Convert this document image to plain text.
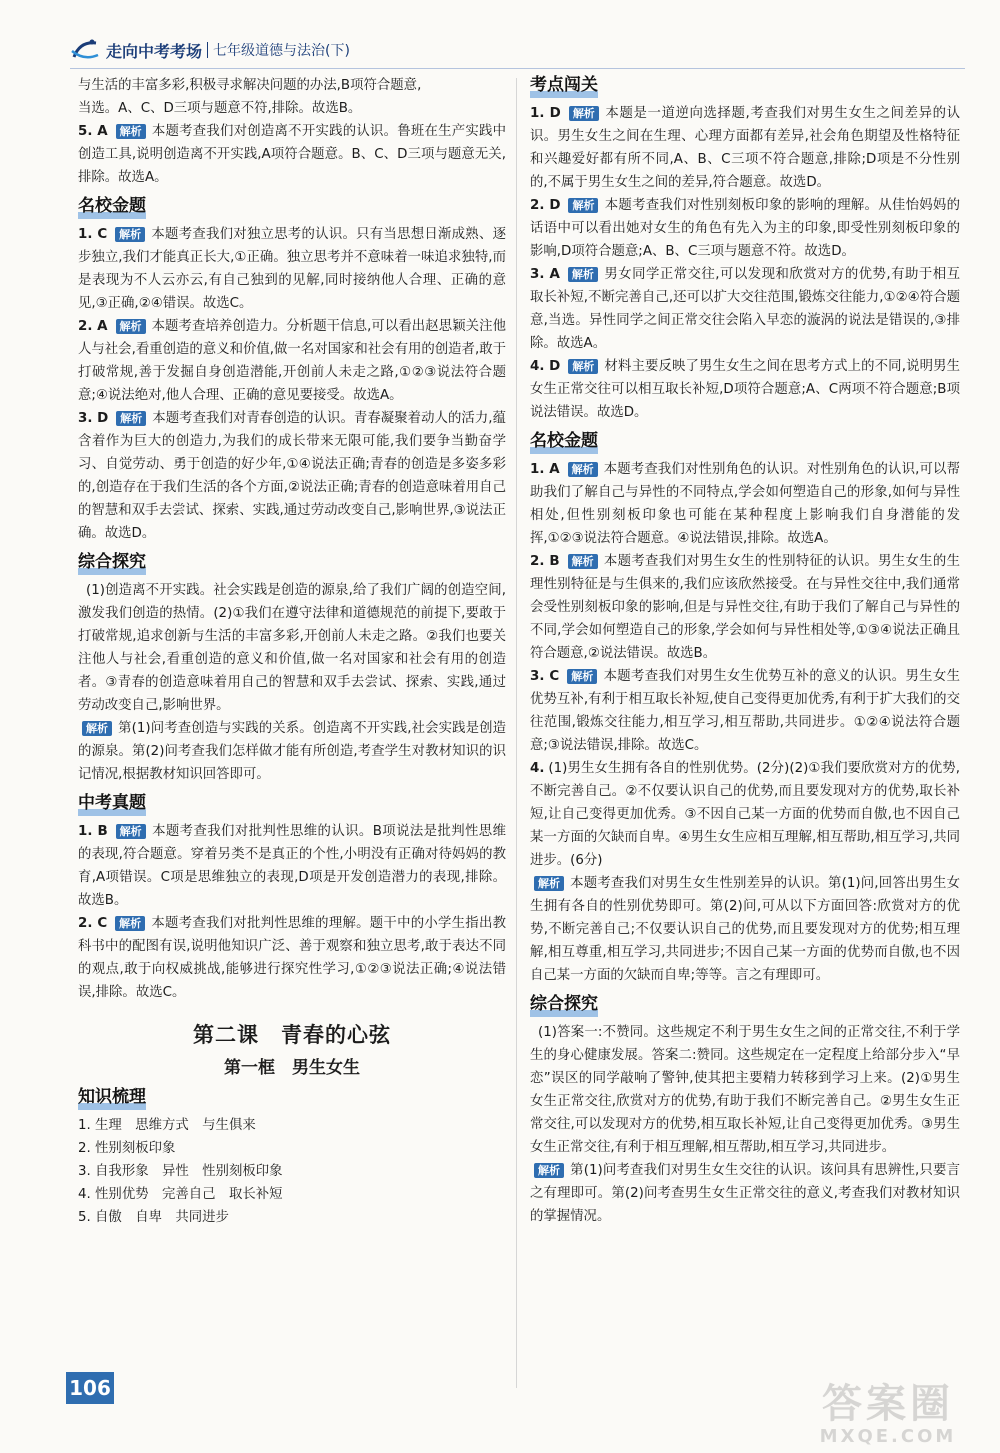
走向中考考场 七年级道德与法治(下)

与生活的丰富多彩,积极寻求解决问题的办法,B项符合题意,
当选。A、C、D三项与题意不符,排除。故选B。

5. A 解析 本题考查我们对创造离不开实践的认识。鲁班在生产实践中创造工具,说明创造离不开实践,A项符合题意。B、C、D三项与题意无关,排除。故选A。

名校金题

1. C 解析 本题考查我们对独立思考的认识。只有当思想日渐成熟、逐步独立,我们才能真正长大,①正确。独立思考并不意味着一味追求独特,而是表现为不人云亦云,有自己独到的见解,同时接纳他人合理、正确的意见,③正确,②④错误。故选C。

2. A 解析 本题考查培养创造力。分析题干信息,可以看出赵思颖关注他人与社会,看重创造的意义和价值,做一名对国家和社会有用的创造者,敢于打破常规,善于发掘自身创造潜能,开创前人未走之路,①②③说法符合题意;④说法绝对,他人合理、正确的意见要接受。故选A。

3. D 解析 本题考查我们对青春创造的认识。青春凝聚着动人的活力,蕴含着作为巨大的创造力,为我们的成长带来无限可能,我们要争当勤奋学习、自觉劳动、勇于创造的好少年,①④说法正确;青春的创造是多姿多彩的,创造存在于我们生活的各个方面,②说法正确;青春的创造意味着用自己的智慧和双手去尝试、探索、实践,通过劳动改变自己,影响世界,③说法正确。故选D。

综合探究

(1)创造离不开实践。社会实践是创造的源泉,给了我们广阔的创造空间,激发我们创造的热情。(2)①我们在遵守法律和道德规范的前提下,要敢于打破常规,追求创新与生活的丰富多彩,开创前人未走之路。②我们也要关注他人与社会,看重创造的意义和价值,做一名对国家和社会有用的创造者。③青春的创造意味着用自己的智慧和双手去尝试、探索、实践,通过劳动改变自己,影响世界。

解析 第(1)问考查创造与实践的关系。创造离不开实践,社会实践是创造的源泉。第(2)问考查我们怎样做才能有所创造,考查学生对教材知识的识记情况,根据教材知识回答即可。

中考真题

1. B 解析 本题考查我们对批判性思维的认识。B项说法是批判性思维的表现,符合题意。穿着另类不是真正的个性,小明没有正确对待妈妈的教育,A项错误。C项是思维独立的表现,D项是开发创造潜力的表现,排除。故选B。

2. C 解析 本题考查我们对批判性思维的理解。题干中的小学生指出教科书中的配图有误,说明他知识广泛、善于观察和独立思考,敢于表达不同的观点,敢于向权威挑战,能够进行探究性学习,①②③说法正确;④说法错误,排除。故选C。

第二课　青春的心弦
第一框　男生女生
知识梳理

1. 生理　思维方式　与生俱来

2. 性别刻板印象

3. 自我形象　异性　性别刻板印象

4. 性别优势　完善自己　取长补短

5. 自傲　自卑　共同进步

考点闯关

1. D 解析 本题是一道逆向选择题,考查我们对男生女生之间差异的认识。男生女生之间在生理、心理方面都有差异,社会角色期望及性格特征和兴趣爱好都有所不同,A、B、C三项不符合题意,排除;D项是不分性别的,不属于男生女生之间的差异,符合题意。故选D。

2. D 解析 本题考查我们对性别刻板印象的影响的理解。从佳怡妈妈的话语中可以看出她对女生的角色有先入为主的印象,即受性别刻板印象的影响,D项符合题意;A、B、C三项与题意不符。故选D。

3. A 解析 男女同学正常交往,可以发现和欣赏对方的优势,有助于相互取长补短,不断完善自己,还可以扩大交往范围,锻炼交往能力,①②④符合题意,当选。异性同学之间正常交往会陷入早恋的漩涡的说法是错误的,③排除。故选A。

4. D 解析 材料主要反映了男生女生之间在思考方式上的不同,说明男生女生正常交往可以相互取长补短,D项符合题意;A、C两项不符合题意;B项说法错误。故选D。

名校金题

1. A 解析 本题考查我们对性别角色的认识。对性别角色的认识,可以帮助我们了解自己与异性的不同特点,学会如何塑造自己的形象,如何与异性相处,但性别刻板印象也可能在某种程度上影响我们自身潜能的发挥,①②③说法符合题意。④说法错误,排除。故选A。

2. B 解析 本题考查我们对男生女生的性别特征的认识。男生女生的生理性别特征是与生俱来的,我们应该欣然接受。在与异性交往中,我们通常会受性别刻板印象的影响,但是与异性交往,有助于我们了解自己与异性的不同,学会如何塑造自己的形象,学会如何与异性相处等,①③④说法正确且符合题意,②说法错误。故选B。

3. C 解析 本题考查我们对男生女生优势互补的意义的认识。男生女生优势互补,有利于相互取长补短,使自己变得更加优秀,有利于扩大我们的交往范围,锻炼交往能力,相互学习,相互帮助,共同进步。①②④说法符合题意;③说法错误,排除。故选C。

4. (1)男生女生拥有各自的性别优势。(2分)(2)①我们要欣赏对方的优势,不断完善自己。②不仅要认识自己的优势,而且要发现对方的优势,取长补短,让自己变得更加优秀。③不因自己某一方面的优势而自傲,也不因自己某一方面的欠缺而自卑。④男生女生应相互理解,相互帮助,相互学习,共同进步。(6分)

解析 本题考查我们对男生女生性别差异的认识。第(1)问,回答出男生女生拥有各自的性别优势即可。第(2)问,可从以下方面回答:欣赏对方的优势,不断完善自己;不仅要认识自己的优势,而且要发现对方的优势;相互理解,相互尊重,相互学习,共同进步;不因自己某一方面的优势而自傲,也不因自己某一方面的欠缺而自卑;等等。言之有理即可。

综合探究

(1)答案一:不赞同。这些规定不利于男生女生之间的正常交往,不利于学生的身心健康发展。答案二:赞同。这些规定在一定程度上给部分步入“早恋”误区的同学敲响了警钟,使其把主要精力转移到学习上来。(2)①男生女生正常交往,欣赏对方的优势,有助于我们不断完善自己。②男生女生正常交往,可以发现对方的优势,相互取长补短,让自己变得更加优秀。③男生女生正常交往,有利于相互理解,相互帮助,相互学习,共同进步。

解析 第(1)问考查我们对男生女生交往的认识。该问具有思辨性,只要言之有理即可。第(2)问考查男生女生正常交往的意义,考查我们对教材知识的掌握情况。

106	答案圈
MXQE.COM
